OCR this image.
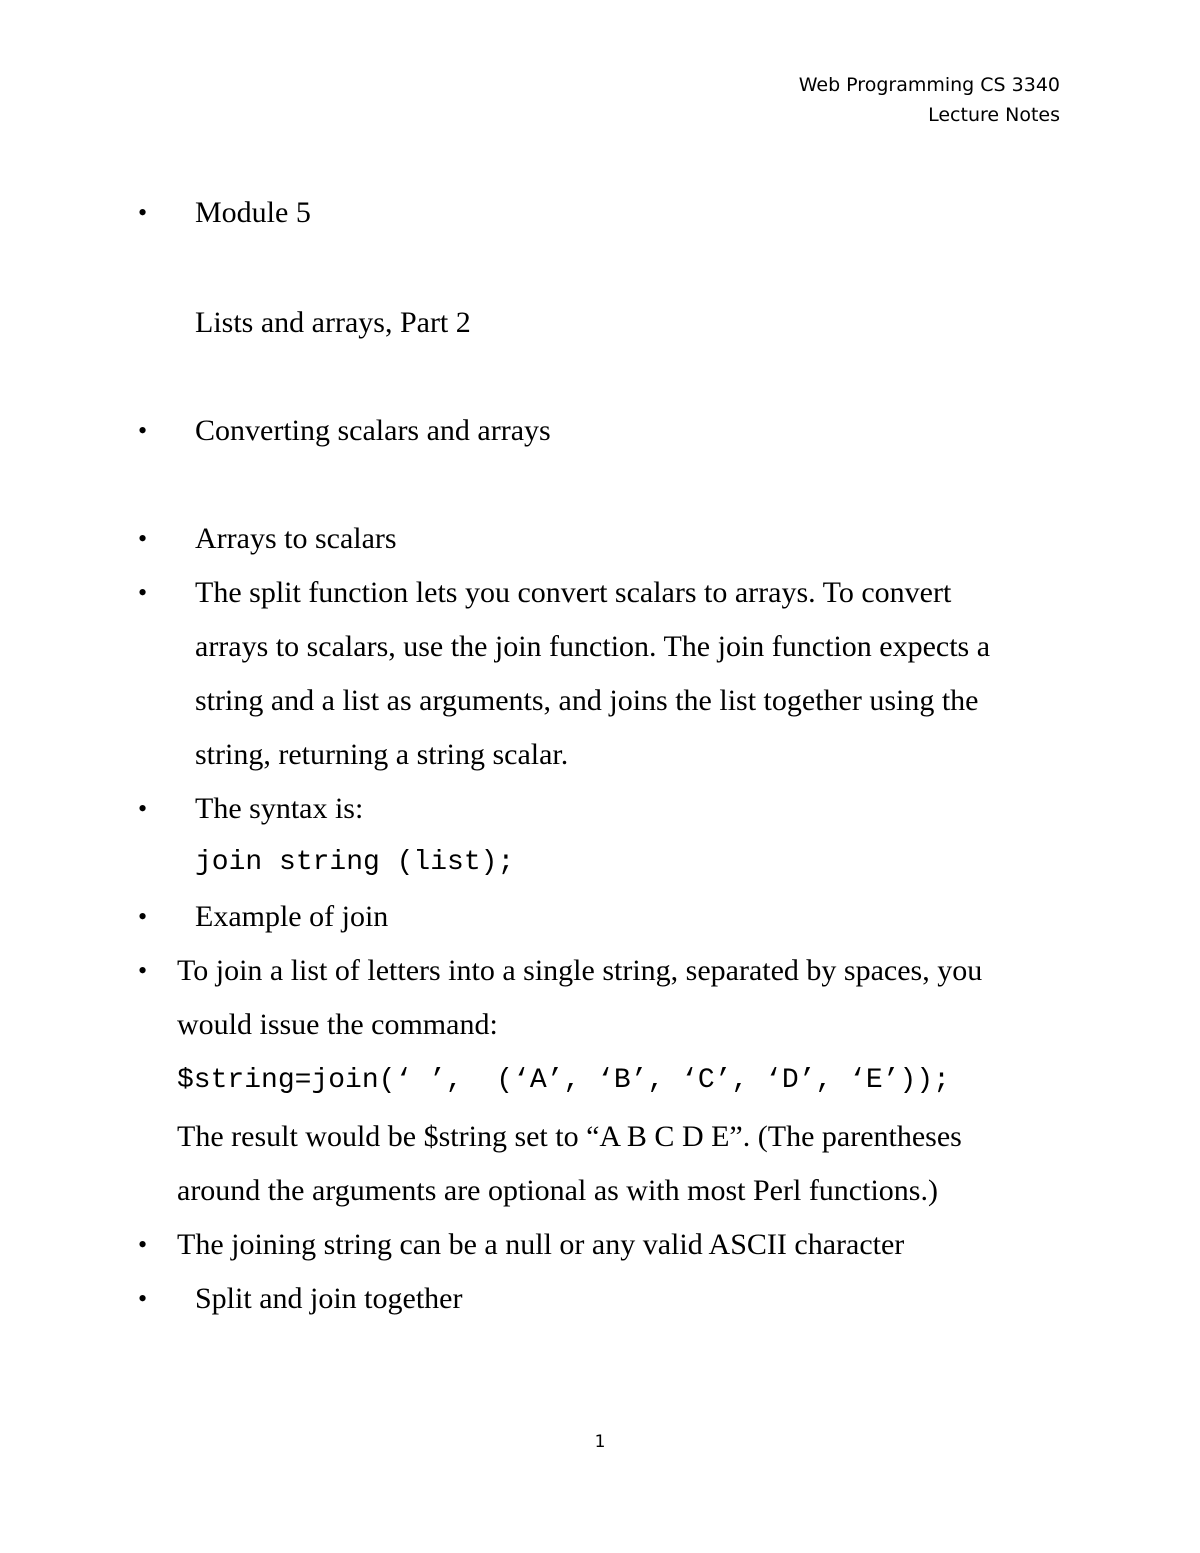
Web Programming CS 3340
Lecture Notes
• Module 5
Lists and arrays, Part 2
• Converting scalars and arrays
• Arrays to scalars
• The split function lets you convert scalars to arrays. To convert
arrays to scalars, use the join function. The join function expects a
string and a list as arguments, and joins the list together using the
string, returning a string scalar.
• The syntax is:
join string (list);
• Example of join
• To join a list of letters into a single string, separated by spaces, you
would issue the command:
$string=join(‘ ’,  (‘A’, ‘B’, ‘C’, ‘D’, ‘E’));
The result would be $string set to “A B C D E”. (The parentheses
around the arguments are optional as with most Perl functions.)
• The joining string can be a null or any valid ASCII character
• Split and join together
1
